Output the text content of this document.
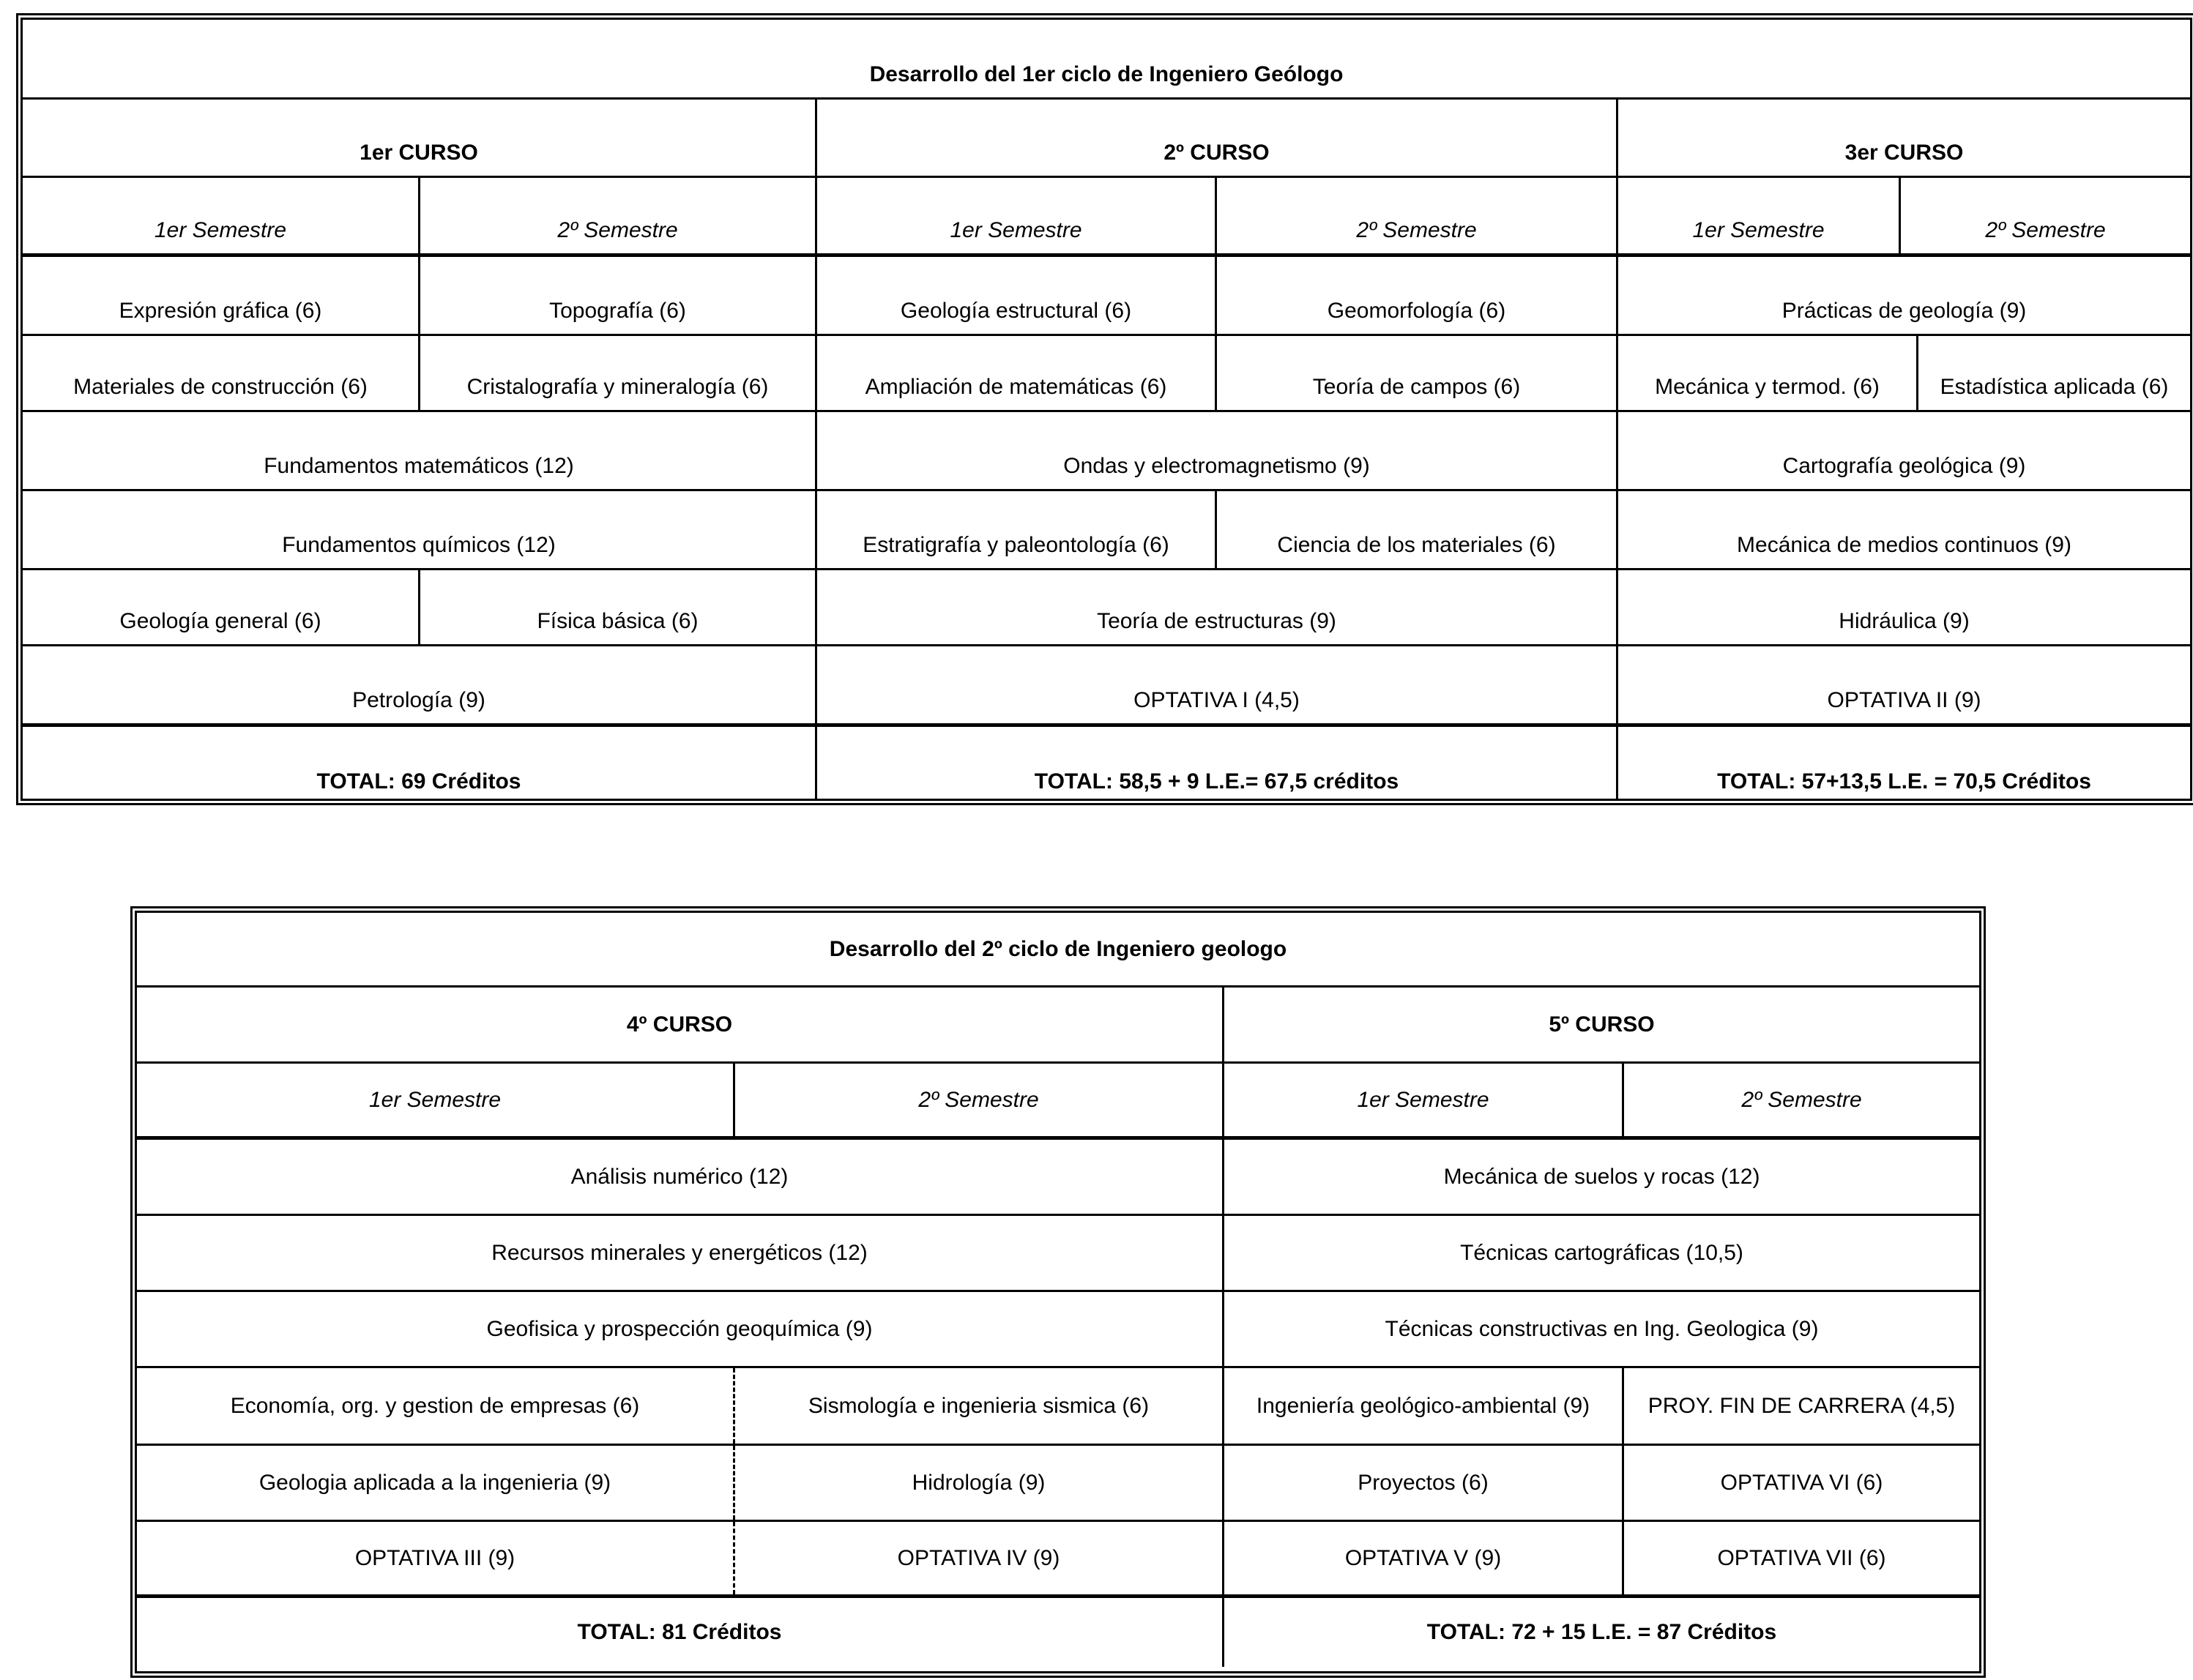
Desarrollo del 1er ciclo de Ingeniero Geólogo
1er CURSO	2º CURSO	3er CURSO
1er Semestre	2º Semestre	1er Semestre	2º Semestre	1er Semestre	2º Semestre
Expresión gráfica (6)	Topografía (6)	Geología estructural (6)	Geomorfología (6)	Prácticas de geología (9)
Materiales de construcción (6)	Cristalografía y mineralogía (6)	Ampliación de matemáticas (6)	Teoría de campos (6)	Mecánica y termod. (6)	Estadística aplicada (6)
Fundamentos matemáticos (12)	Ondas y electromagnetismo (9)	Cartografía geológica (9)
Fundamentos químicos (12)	Estratigrafía y paleontología (6)	Ciencia de los materiales (6)	Mecánica de medios continuos (9)
Geología general (6)	Física básica (6)	Teoría de estructuras (9)	Hidráulica (9)
Petrología (9)	OPTATIVA I (4,5)	OPTATIVA II (9)
TOTAL: 69 Créditos	TOTAL: 58,5 + 9 L.E.= 67,5 créditos	TOTAL: 57+13,5 L.E. = 70,5 Créditos
Desarrollo del 2º ciclo de Ingeniero geologo
4º CURSO	5º CURSO
1er Semestre	2º Semestre	1er Semestre	2º Semestre
Análisis numérico (12)	Mecánica de suelos y rocas (12)
Recursos minerales y energéticos (12)	Técnicas cartográficas (10,5)
Geofisica y prospección geoquímica (9)	Técnicas constructivas en Ing. Geologica (9)
Economía, org. y gestion de empresas (6)	Sismología e ingenieria sismica (6)	Ingeniería geológico-ambiental (9)	PROY. FIN DE CARRERA (4,5)
Geologia aplicada a la ingenieria (9)	Hidrología (9)	Proyectos (6)	OPTATIVA VI (6)
OPTATIVA III (9)	OPTATIVA IV (9)	OPTATIVA V (9)	OPTATIVA VII (6)
TOTAL: 81 Créditos	TOTAL: 72 + 15 L.E. = 87 Créditos
